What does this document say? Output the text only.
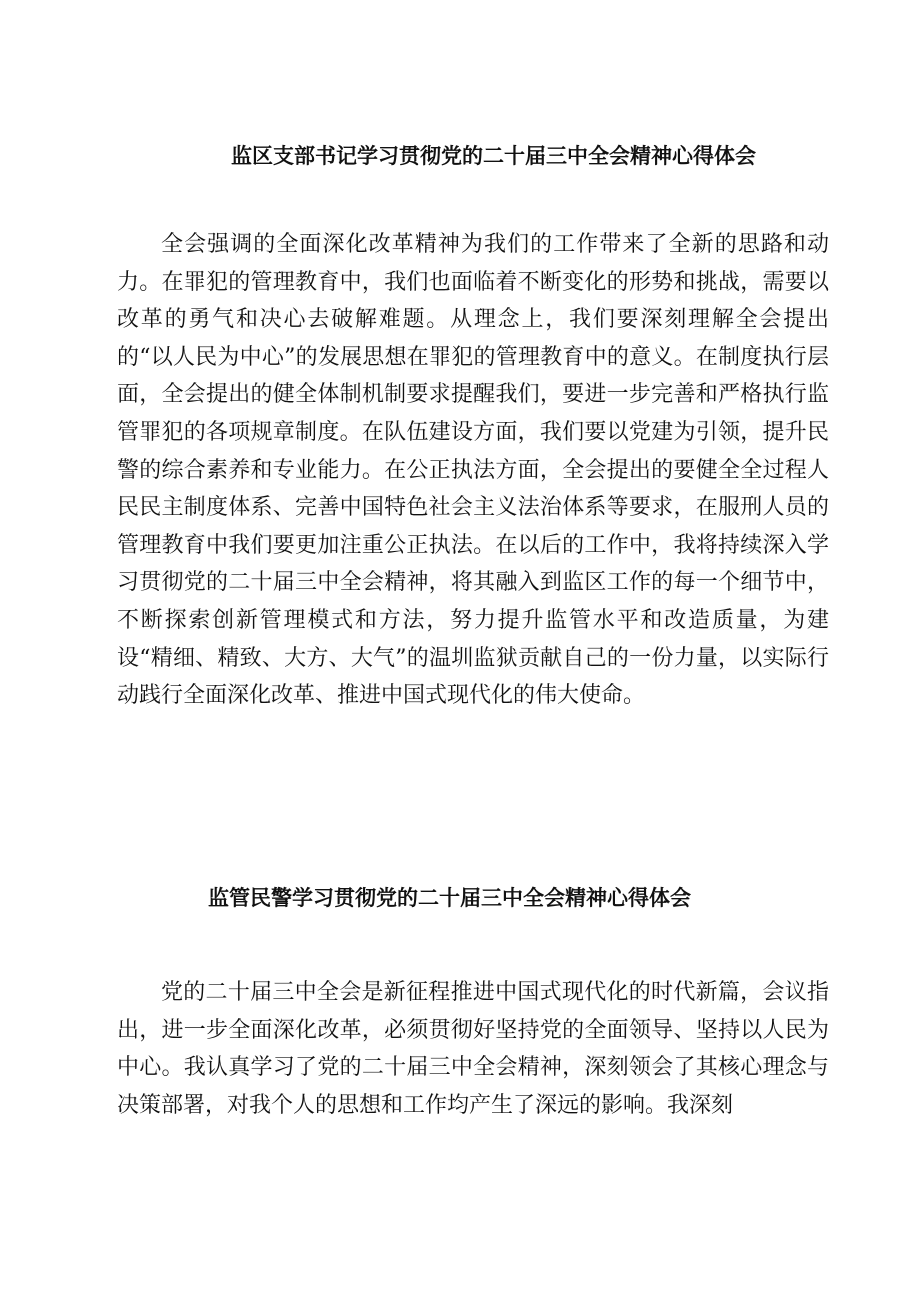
监区支部书记学习贯彻党的二十届三中全会精神心得体会

全会强调的全面深化改革精神为我们的工作带来了全新的思路和动力。在罪犯的管理教育中，我们也面临着不断变化的形势和挑战，需要以改革的勇气和决心去破解难题。从理念上，我们要深刻理解全会提出的“以人民为中心”的发展思想在罪犯的管理教育中的意义。在制度执行层面，全会提出的健全体制机制要求提醒我们，要进一步完善和严格执行监管罪犯的各项规章制度。在队伍建设方面，我们要以党建为引领，提升民警的综合素养和专业能力。在公正执法方面，全会提出的要健全全过程人民民主制度体系、完善中国特色社会主义法治体系等要求，在服刑人员的管理教育中我们要更加注重公正执法。在以后的工作中，我将持续深入学习贯彻党的二十届三中全会精神，将其融入到监区工作的每一个细节中，不断探索创新管理模式和方法，努力提升监管水平和改造质量，为建设“精细、精致、大方、大气”的温圳监狱贡献自己的一份力量，以实际行动践行全面深化改革、推进中国式现代化的伟大使命。

监管民警学习贯彻党的二十届三中全会精神心得体会

党的二十届三中全会是新征程推进中国式现代化的时代新篇，会议指出，进一步全面深化改革，必须贯彻好坚持党的全面领导、坚持以人民为中心。我认真学习了党的二十届三中全会精神，深刻领会了其核心理念与决策部署，对我个人的思想和工作均产生了深远的影响。我深刻
